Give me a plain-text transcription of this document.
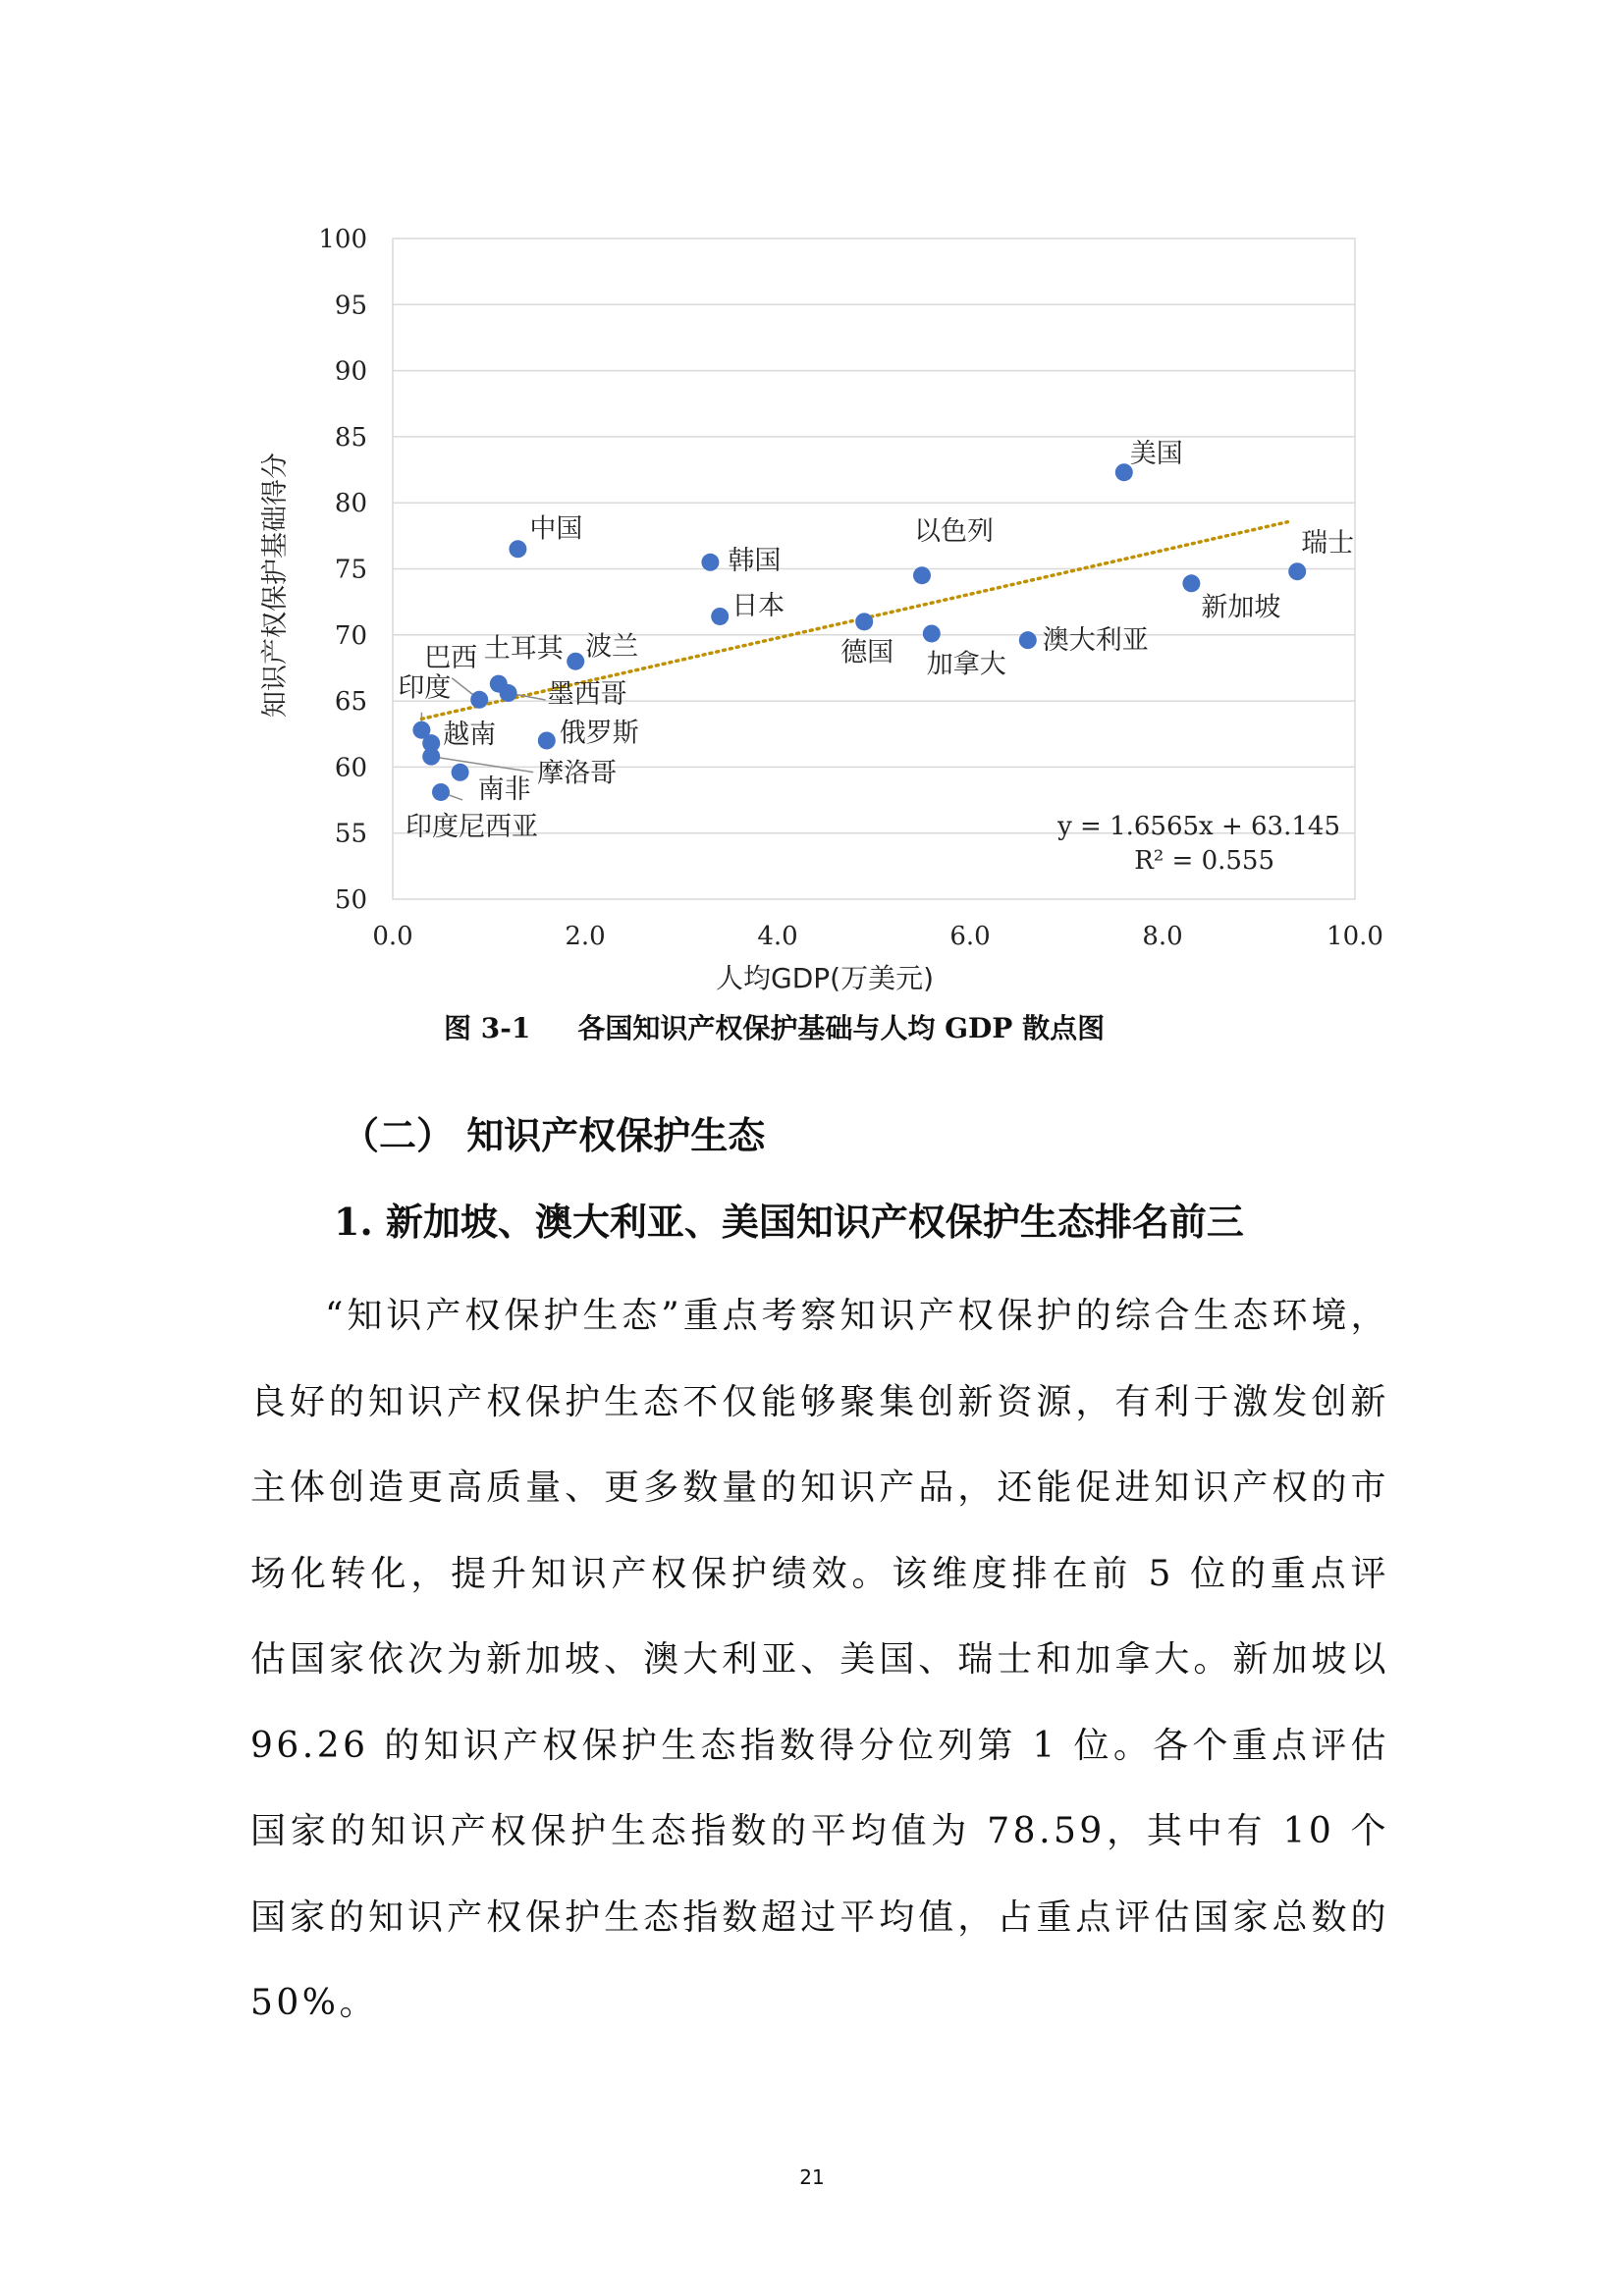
50
55
60
65
70
75
80
85
90
95
100
0.0	2.0	4.0	6.0	8.0	10.0
美国
中国
韩国
以色列	瑞士
新加坡
日本
德国 加拿大
澳大利亚
波兰
土耳其
巴西
墨西哥
印度
越南 俄罗斯
摩洛哥
南非
印度尼西亚
人均GDP(万美元)
知识产权保护基础得分
y = 1.6565x + 63.145
R² = 0.555
图 3-1 各国知识产权保护基础与人均 GDP 散点图
（二） 知识产权保护生态
1. 新加坡、澳大利亚、美国知识产权保护生态排名前三

“知识产权保护生态”重点考察知识产权保护的综合生态环境，良好的知识产权保护生态不仅能够聚集创新资源，有利于激发创新主体创造更高质量、更多数量的知识产品，还能促进知识产权的市场化转化，提升知识产权保护绩效。该维度排在前 5 位的重点评估国家依次为新加坡、澳大利亚、美国、瑞士和加拿大。新加坡以 96.26 的知识产权保护生态指数得分位列第 1 位。各个重点评估国家的知识产权保护生态指数的平均值为 78.59，其中有 10 个国家的知识产权保护生态指数超过平均值，占重点评估国家总数的 50%。

21
